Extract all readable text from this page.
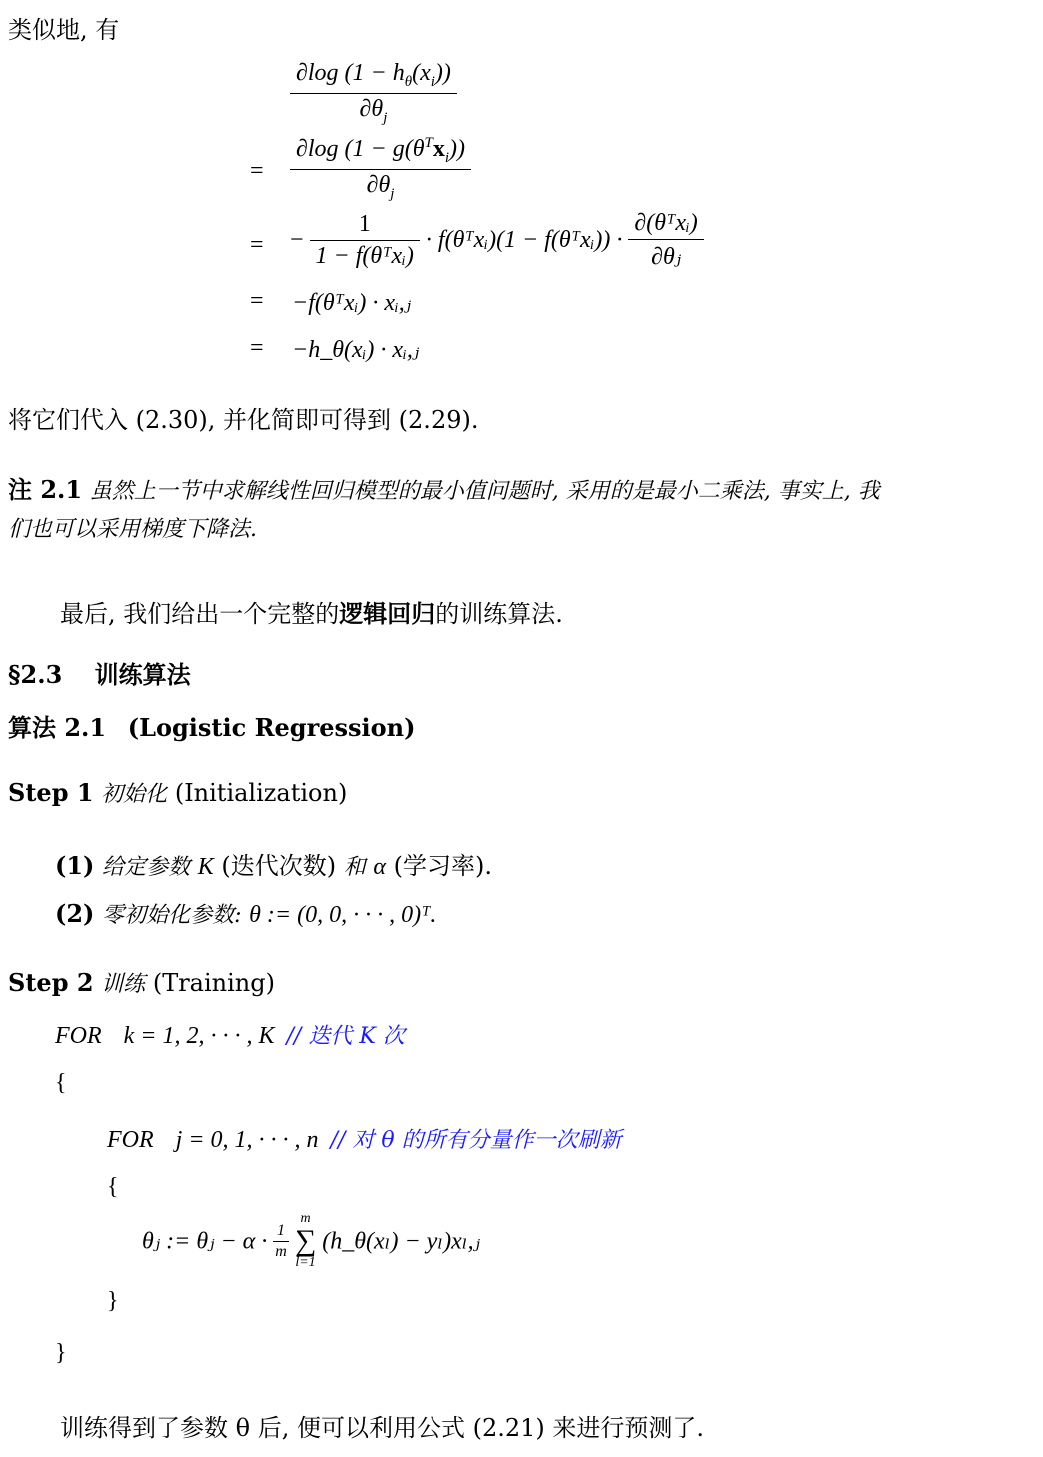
类似地, 有
$\frac{\partial\log (1 - h_\theta(x_i))}{\partial\theta_j}$
= $\frac{\partial\log (1 - g(\theta^Tx_i))}{\partial\theta_j}$
= − $\frac{1}{\text{1 − f(θᵀxᵢ)}}$ · f(θᵀxᵢ)(1 − f(θᵀxᵢ)) · $\frac{\text{∂(θᵀxᵢ)}}{\text{∂θⱼ}}$
= −f(θᵀxᵢ) · xᵢ,ⱼ
= −h_θ(xᵢ) · xᵢ,ⱼ
将它们代入 (2.30), 并化简即可得到 (2.29).
注 2.1 虽然上一节中求解线性回归模型的最小值问题时, 采用的是最小二乘法, 事实上, 我
们也可以采用梯度下降法.
最后, 我们给出一个完整的逻辑回归的训练算法.
§2.3 训练算法
算法 2.1 (Logistic Regression)
Step 1 初始化 (Initialization)
(1) 给定参数 K (迭代次数) 和 α (学习率).
(2) 零初始化参数: θ := (0, 0, · · · , 0)ᵀ.
Step 2 训练 (Training)
FOR k = 1, 2, · · · , K // 迭代 K 次
{
FOR j = 0, 1, · · · , n // 对 θ 的所有分量作一次刷新
{
θⱼ := θⱼ − $\alpha \cdot \frac{1}{m}$

m
∑
l=1
(h_θ(xₗ) − yₗ)xₗ,ⱼ
}
}
训练得到了参数 θ 后, 便可以利用公式 (2.21) 来进行预测了.
